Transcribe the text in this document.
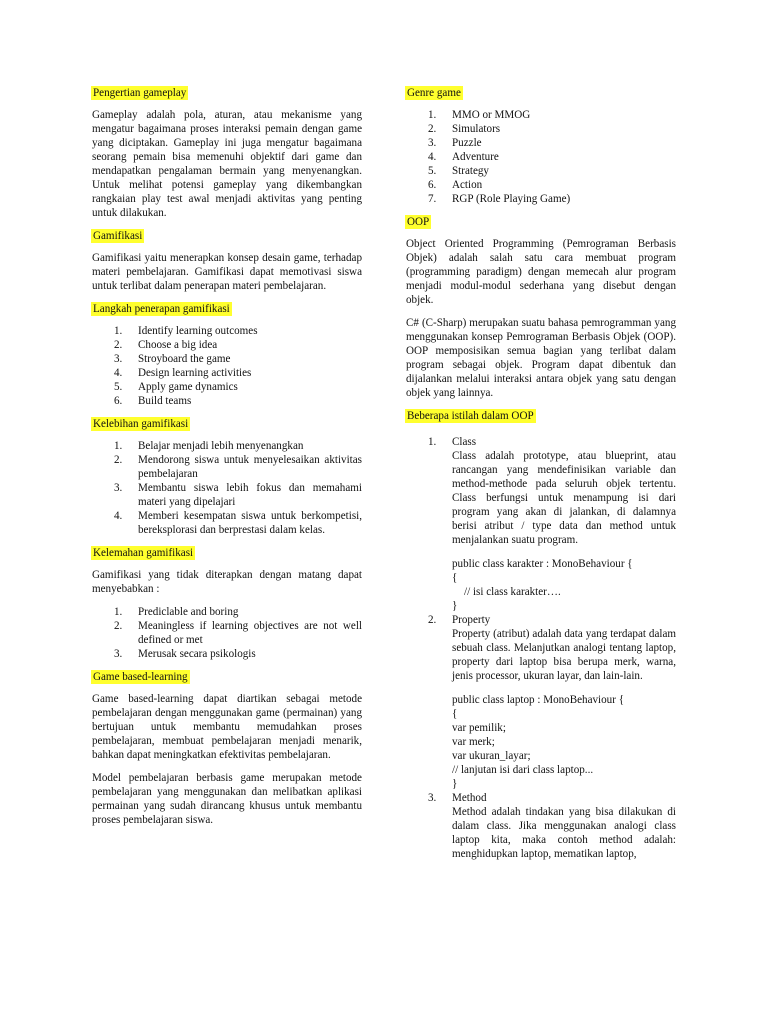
Pengertian gameplay

Gameplay adalah pola, aturan, atau mekanisme yang mengatur bagaimana proses interaksi pemain dengan game yang diciptakan. Gameplay ini juga mengatur bagaimana seorang pemain bisa memenuhi objektif dari game dan mendapatkan pengalaman bermain yang menyenangkan. Untuk melihat potensi gameplay yang dikembangkan rangkaian play test awal menjadi aktivitas yang penting untuk dilakukan.

Gamifikasi

Gamifikasi yaitu menerapkan konsep desain game, terhadap materi pembelajaran. Gamifikasi dapat memotivasi siswa untuk terlibat dalam penerapan materi pembelajaran.

Langkah penerapan gamifikasi
1. Identify learning outcomes
2. Choose a big idea
3. Stroyboard the game
4. Design learning activities
5. Apply game dynamics
6. Build teams
Kelebihan gamifikasi
1. Belajar menjadi lebih menyenangkan
2. Mendorong siswa untuk menyelesaikan aktivitas pembelajaran
3. Membantu siswa lebih fokus dan memahami materi yang dipelajari
4. Memberi kesempatan siswa untuk berkompetisi, bereksplorasi dan berprestasi dalam kelas.
Kelemahan gamifikasi

Gamifikasi yang tidak diterapkan dengan matang dapat menyebabkan :

1. Prediclable and boring
2. Meaningless if learning objectives are not well defined or met
3. Merusak secara psikologis
Game based-learning

Game based-learning dapat diartikan sebagai metode pembelajaran dengan menggunakan game (permainan) yang bertujuan untuk membantu memudahkan proses pembelajaran, membuat pembelajaran menjadi menarik, bahkan dapat meningkatkan efektivitas pembelajaran.

Model pembelajaran berbasis game merupakan metode pembelajaran yang menggunakan dan melibatkan aplikasi permainan yang sudah dirancang khusus untuk membantu proses pembelajaran siswa.

Genre game
1. MMO or MMOG
2. Simulators
3. Puzzle
4. Adventure
5. Strategy
6. Action
7. RGP (Role Playing Game)
OOP

Object Oriented Programming (Pemrograman Berbasis Objek) adalah salah satu cara membuat program (programming paradigm) dengan memecah alur program menjadi modul-modul sederhana yang disebut dengan objek.

C# (C-Sharp) merupakan suatu bahasa pemrogramman yang menggunakan konsep Pemrograman Berbasis Objek (OOP). OOP memposisikan semua bagian yang terlibat dalam program sebagai objek. Program dapat dibentuk dan dijalankan melalui interaksi antara objek yang satu dengan objek yang lainnya.

Beberapa istilah dalam OOP
1. Class
Class adalah prototype, atau blueprint, atau rancangan yang mendefinisikan variable dan method-methode pada seluruh objek tertentu. Class berfungsi untuk menampung isi dari program yang akan di jalankan, di dalamnya berisi atribut / type data dan method untuk menjalankan suatu program.
public class karakter : MonoBehaviour {
{
// isi class karakter….
}
2. Property
Property (atribut) adalah data yang terdapat dalam sebuah class. Melanjutkan analogi tentang laptop, property dari laptop bisa berupa merk, warna, jenis processor, ukuran layar, dan lain-lain.
public class laptop : MonoBehaviour {
{
var pemilik;
var merk;
var ukuran_layar;
// lanjutan isi dari class laptop...
}
3. Method
Method adalah tindakan yang bisa dilakukan di dalam class. Jika menggunakan analogi class laptop kita, maka contoh method adalah: menghidupkan laptop, mematikan laptop,
